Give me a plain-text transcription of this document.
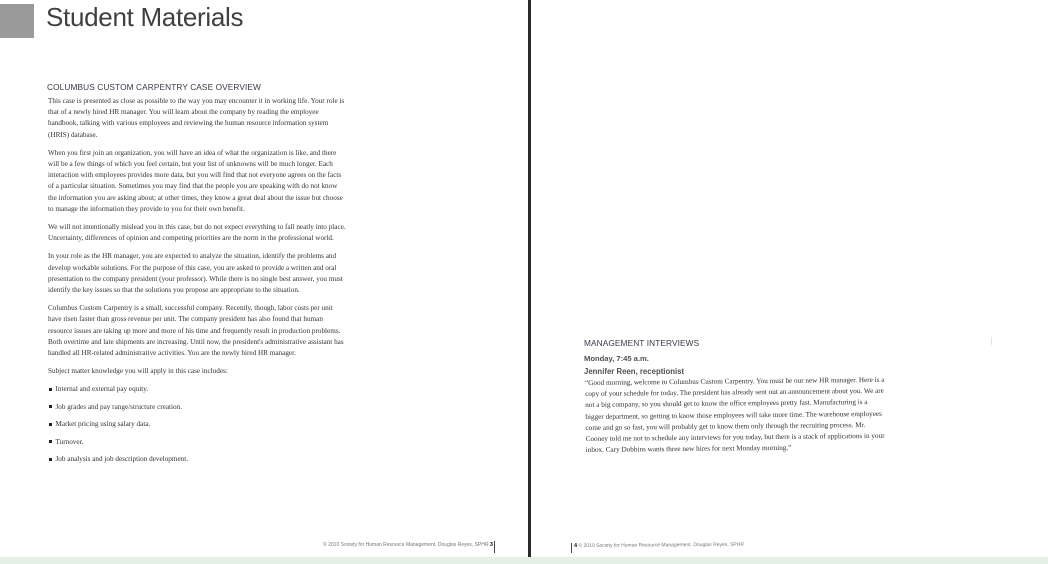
Student Materials
COLUMBUS CUSTOM CARPENTRY CASE OVERVIEW

This case is presented as close as possible to the way you may encounter it in working life. Your role is that of a newly hired HR manager. You will learn about the company by reading the employee handbook, talking with various employees and reviewing the human resource information system (HRIS) database.

When you first join an organization, you will have an idea of what the organization is like, and there will be a few things of which you feel certain, but your list of unknowns will be much longer. Each interaction with employees provides more data, but you will find that not everyone agrees on the facts of a particular situation. Sometimes you may find that the people you are speaking with do not know the information you are asking about; at other times, they know a great deal about the issue but choose to manage the information they provide to you for their own benefit.

We will not intentionally mislead you in this case, but do not expect everything to fall neatly into place. Uncertainty, differences of opinion and competing priorities are the norm in the professional world.

In your role as the HR manager, you are expected to analyze the situation, identify the problems and develop workable solutions. For the purpose of this case, you are asked to provide a written and oral presentation to the company president (your professor). While there is no single best answer, you must identify the key issues so that the solutions you propose are appropriate to the situation.

Columbus Custom Carpentry is a small, successful company. Recently, though, labor costs per unit have risen faster than gross revenue per unit. The company president has also found that human resource issues are taking up more and more of his time and frequently result in production problems. Both overtime and late shipments are increasing. Until now, the president's administrative assistant has handled all HR-related administrative activities. You are the newly hired HR manager.

Subject matter knowledge you will apply in this case includes:

Internal and external pay equity.
Job grades and pay range/structure creation.
Market pricing using salary data.
Turnover.
Job analysis and job description development.
© 2010 Society for Human Resource Management. Douglas Reyes, SPHR 3
MANAGEMENT INTERVIEWS
Monday, 7:45 a.m.
Jennifer Reen, receptionist

“Good morning, welcome to Columbus Custom Carpentry. You must be our new HR manager. Here is a copy of your schedule for today. The president has already sent out an announcement about you. We are not a big company, so you should get to know the office employees pretty fast. Manufacturing is a bigger department, so getting to know those employees will take more time. The warehouse employees come and go so fast, you will probably get to know them only through the recruiting process. Mr. Cooney told me not to schedule any interviews for you today, but there is a stack of applications in your inbox. Cary Dobbins wants three new hires for next Monday morning.”

4 © 2010 Society for Human Resource Management. Douglas Reyes, SPHR
